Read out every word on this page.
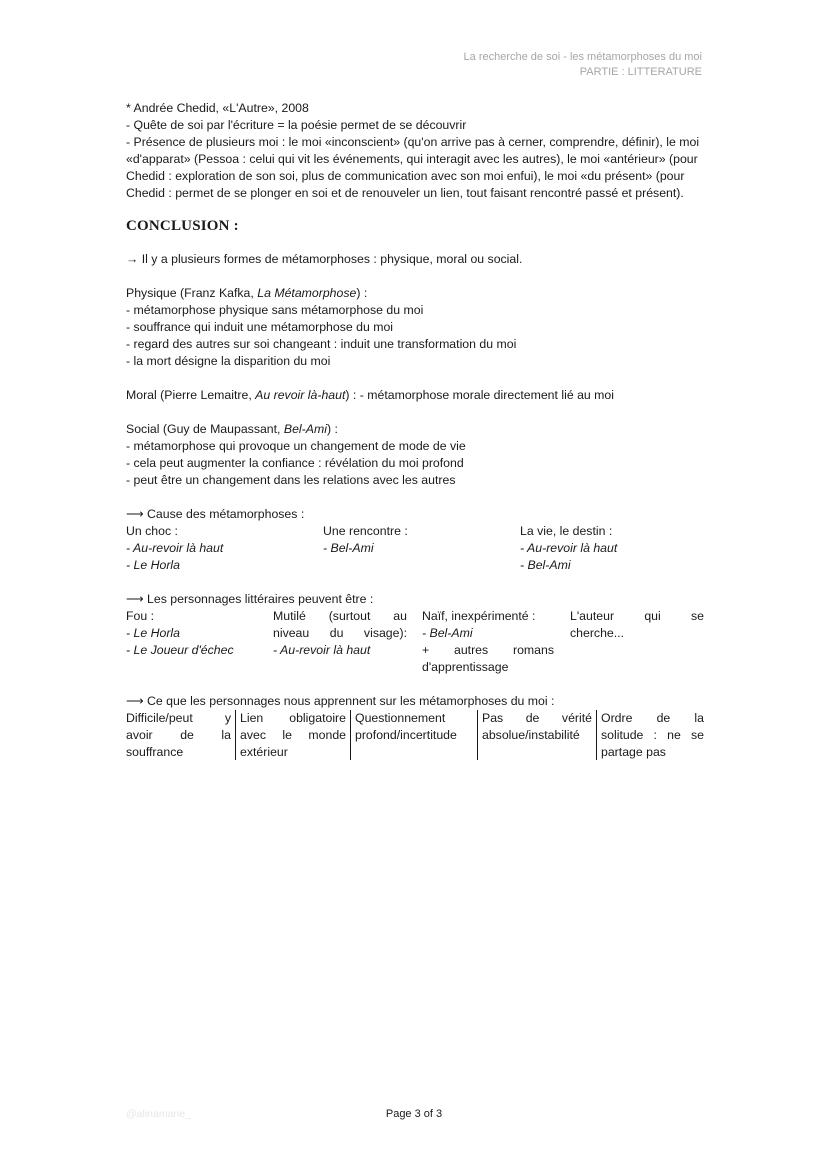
La recherche de soi - les métamorphoses du moi
PARTIE : LITTERATURE
* Andrée Chedid, «L'Autre», 2008
- Quête de soi par l'écriture = la poésie permet de se découvrir
- Présence de plusieurs moi : le moi «inconscient» (qu'on arrive pas à cerner, comprendre, définir), le moi «d'apparat» (Pessoa : celui qui vit les événements, qui interagit avec les autres), le moi «antérieur» (pour Chedid : exploration de son soi, plus de communication avec son moi enfui), le moi «du présent» (pour Chedid : permet de se plonger en soi et de renouveler un lien, tout faisant rencontré passé et présent).
CONCLUSION :
→ Il y a plusieurs formes de métamorphoses : physique, moral ou social.
Physique (Franz Kafka, La Métamorphose) :
- métamorphose physique sans métamorphose du moi
- souffrance qui induit une métamorphose du moi
- regard des autres sur soi changeant : induit une transformation du moi
- la mort désigne la disparition du moi
Moral (Pierre Lemaitre, Au revoir là-haut) : - métamorphose morale directement lié au moi
Social (Guy de Maupassant, Bel-Ami) :
- métamorphose qui provoque un changement de mode de vie
- cela peut augmenter la confiance : révélation du moi profond
- peut être un changement dans les relations avec les autres
⟶ Cause des métamorphoses :
Un choc :
- Au-revoir là haut
- Le Horla
Une rencontre :
- Bel-Ami
La vie, le destin :
- Au-revoir là haut
- Bel-Ami
⟶ Les personnages littéraires peuvent être :
Fou :
- Le Horla
- Le Joueur d'échec
Mutilé (surtout au niveau du visage):
- Au-revoir là haut
Naïf, inexpérimenté :
- Bel-Ami
+ autres romans d'apprentissage
L'auteur qui se cherche...
⟶ Ce que les personnages nous apprennent sur les métamorphoses du moi :
Difficile/peut y avoir de la souffrance
Lien obligatoire avec le monde extérieur
Questionnement profond/incertitude
Pas de vérité absolue/instabilité
Ordre de la solitude : ne se partage pas
@alinamarie_	Page 3 of 3
